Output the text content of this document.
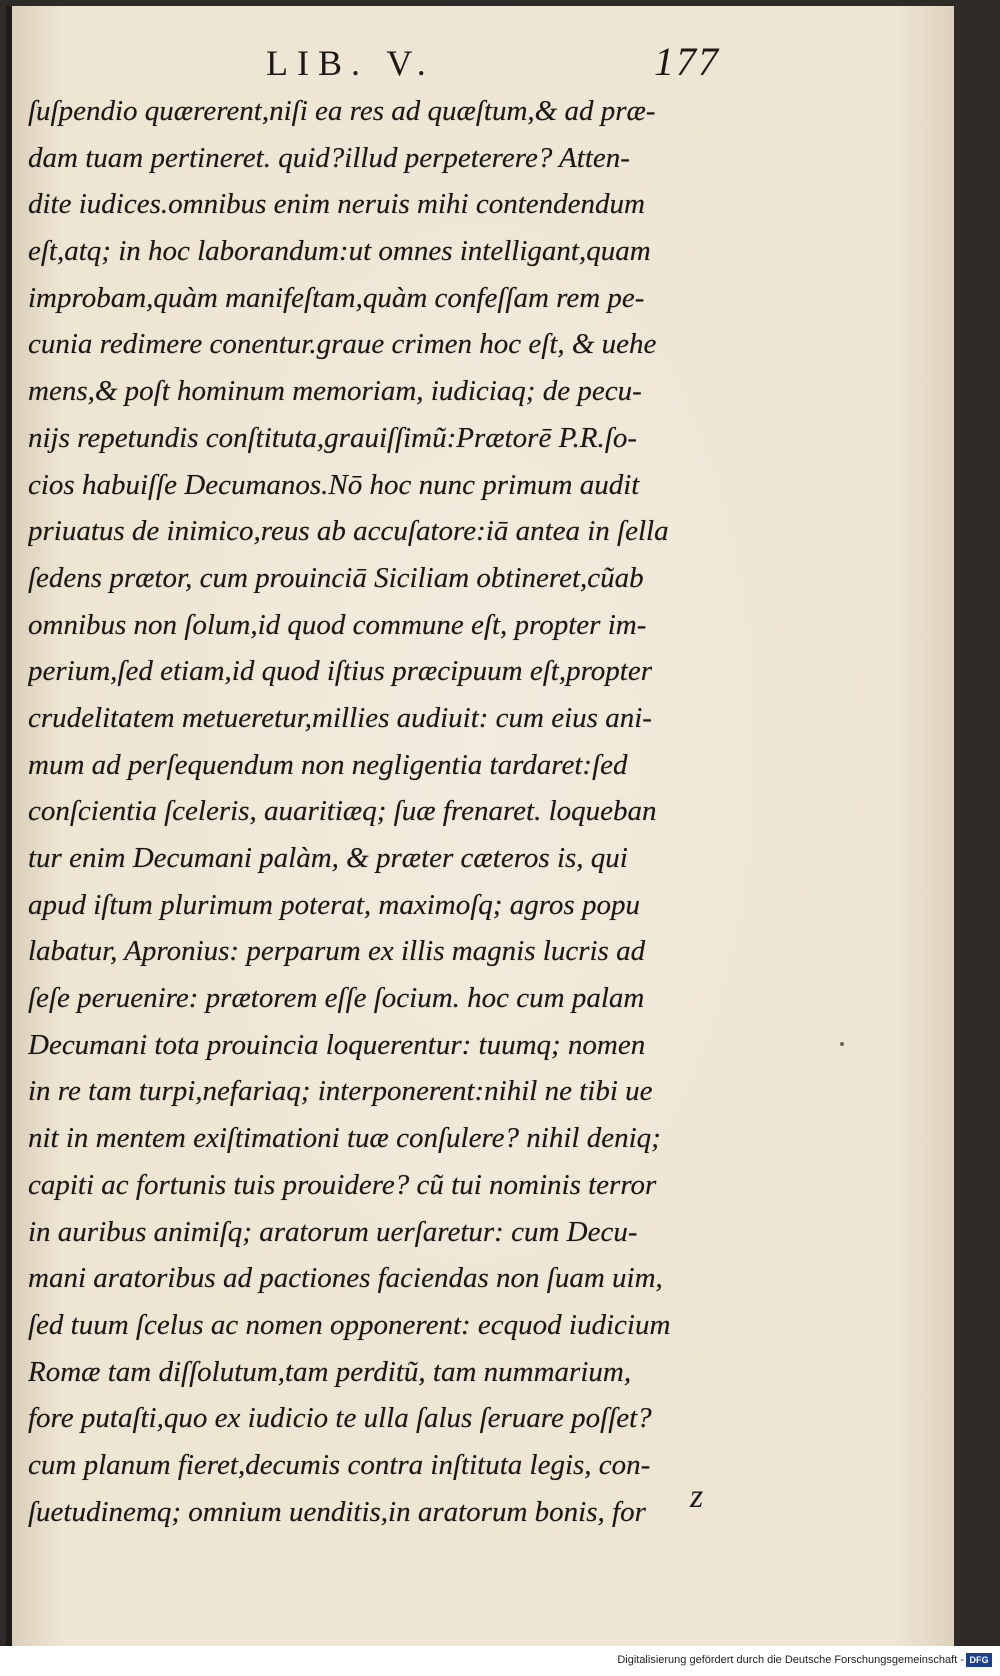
LIB. V.	177
ſuſpendio quærerent,niſi ea res ad quæſtum,& ad præ-
dam tuam pertineret. quid?illud perpeterere? Atten-
dite iudices.omnibus enim neruis mihi contendendum
eſt,atq; in hoc laborandum:ut omnes intelligant,quam
improbam,quàm manifeſtam,quàm confeſſam rem pe-
cunia redimere conentur.graue crimen hoc eſt, & uehe
mens,& poſt hominum memoriam, iudiciaq; de pecu-
nijs repetundis conſtituta,grauiſſimũ:Prætorē P.R.ſo-
cios habuiſſe Decumanos.Nō hoc nunc primum audit
priuatus de inimico,reus ab accuſatore:iā antea in ſella
ſedens prætor, cum prouinciā Siciliam obtineret,cũab
omnibus non ſolum,id quod commune eſt, propter im-
perium,ſed etiam,id quod iſtius præcipuum eſt,propter
crudelitatem metueretur,millies audiuit: cum eius ani-
mum ad perſequendum non negligentia tardaret:ſed
conſcientia ſceleris, auaritiæq; ſuæ frenaret. loqueban
tur enim Decumani palàm, & præter cæteros is, qui
apud iſtum plurimum poterat, maximoſq; agros popu
labatur, Apronius: perparum ex illis magnis lucris ad
ſeſe peruenire: prætorem eſſe ſocium. hoc cum palam
Decumani tota prouincia loquerentur: tuumq; nomen
in re tam turpi,nefariaq; interponerent:nihil ne tibi ue
nit in mentem exiſtimationi tuæ conſulere? nihil deniq;
capiti ac fortunis tuis prouidere? cũ tui nominis terror
in auribus animiſq; aratorum uerſaretur: cum Decu-
mani aratoribus ad pactiones faciendas non ſuam uim,
ſed tuum ſcelus ac nomen opponerent: ecquod iudicium
Romæ tam diſſolutum,tam perditũ, tam nummarium,
fore putaſti,quo ex iudicio te ulla ſalus ſeruare poſſet?
cum planum fieret,decumis contra inſtituta legis, con-
ſuetudinemq; omnium uenditis,in aratorum bonis, for	z
Digitalisierung gefördert durch die Deutsche Forschungsgemeinschaft - DFG
